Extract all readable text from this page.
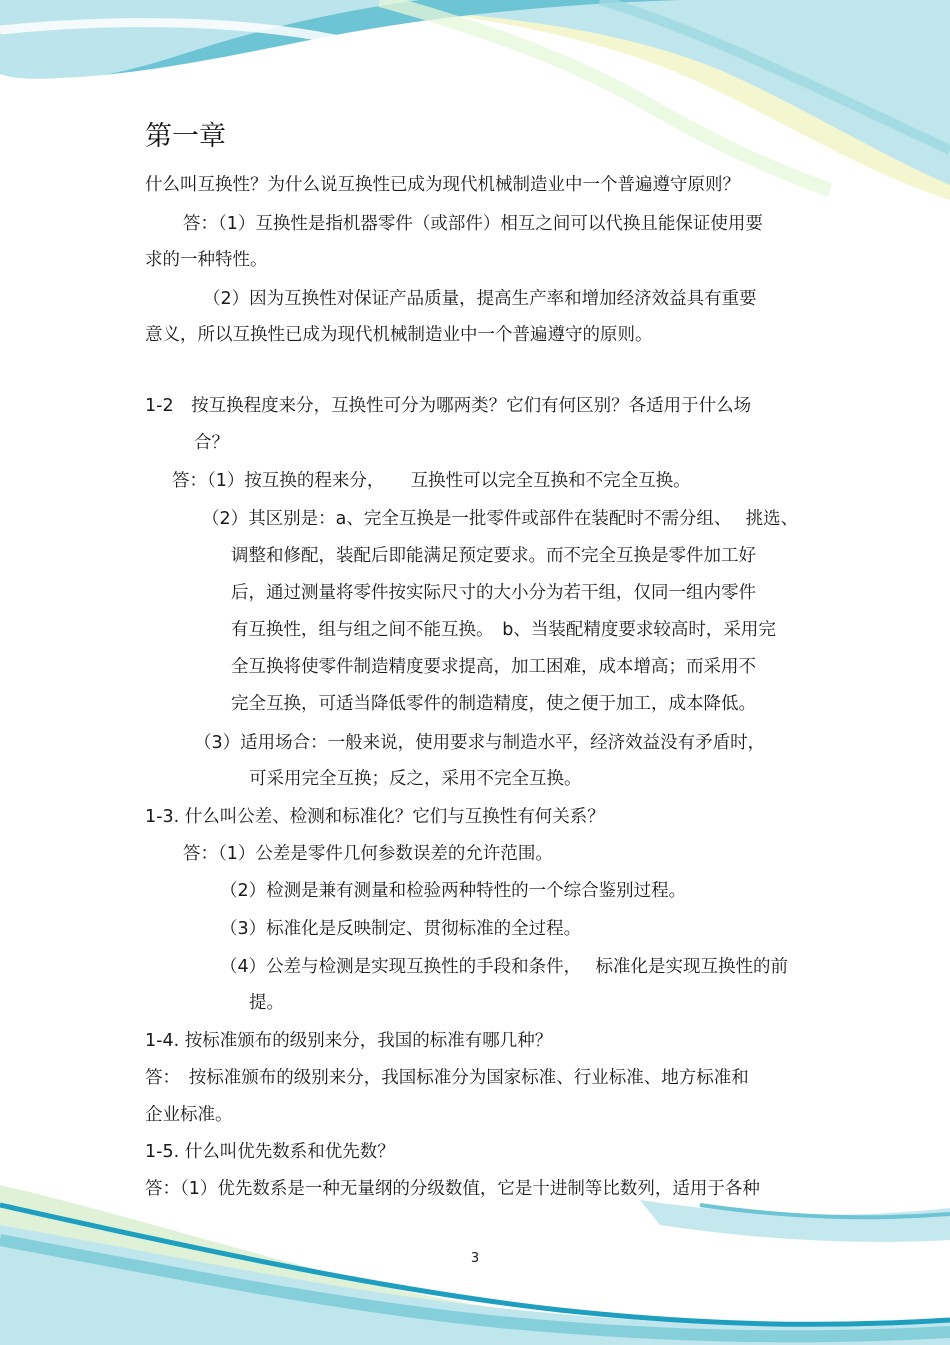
第一章
什么叫互换性？为什么说互换性已成为现代机械制造业中一个普遍遵守原则？
答：（1）互换性是指机器零件（或部件）相互之间可以代换且能保证使用要
求的一种特性。
（2）因为互换性对保证产品质量，提高生产率和增加经济效益具有重要
意义，所以互换性已成为现代机械制造业中一个普遍遵守的原则。
1-2　按互换程度来分，互换性可分为哪两类？它们有何区别？各适用于什么场
合？
答：（1）按互换的程来分，　　互换性可以完全互换和不完全互换。
（2）其区别是：a、完全互换是一批零件或部件在装配时不需分组、　 挑选、
调整和修配，装配后即能满足预定要求。而不完全互换是零件加工好
后，通过测量将零件按实际尺寸的大小分为若干组，仅同一组内零件
有互换性，组与组之间不能互换。　b、当装配精度要求较高时，采用完
全互换将使零件制造精度要求提高，加工困难，成本增高；而采用不
完全互换，可适当降低零件的制造精度，使之便于加工，成本降低。
（3）适用场合：一般来说，使用要求与制造水平，经济效益没有矛盾时，
可采用完全互换；反之，采用不完全互换。
1-3. 什么叫公差、检测和标准化？它们与互换性有何关系？
答：（1）公差是零件几何参数误差的允许范围。
（2）检测是兼有测量和检验两种特性的一个综合鉴别过程。
（3）标准化是反映制定、贯彻标准的全过程。
（4）公差与检测是实现互换性的手段和条件，　 标准化是实现互换性的前
提。
1-4. 按标准颁布的级别来分，我国的标准有哪几种？
答：　按标准颁布的级别来分，我国标准分为国家标准、行业标准、地方标准和
企业标准。
1-5. 什么叫优先数系和优先数？
答：（1）优先数系是一种无量纲的分级数值，它是十进制等比数列，适用于各种
3
